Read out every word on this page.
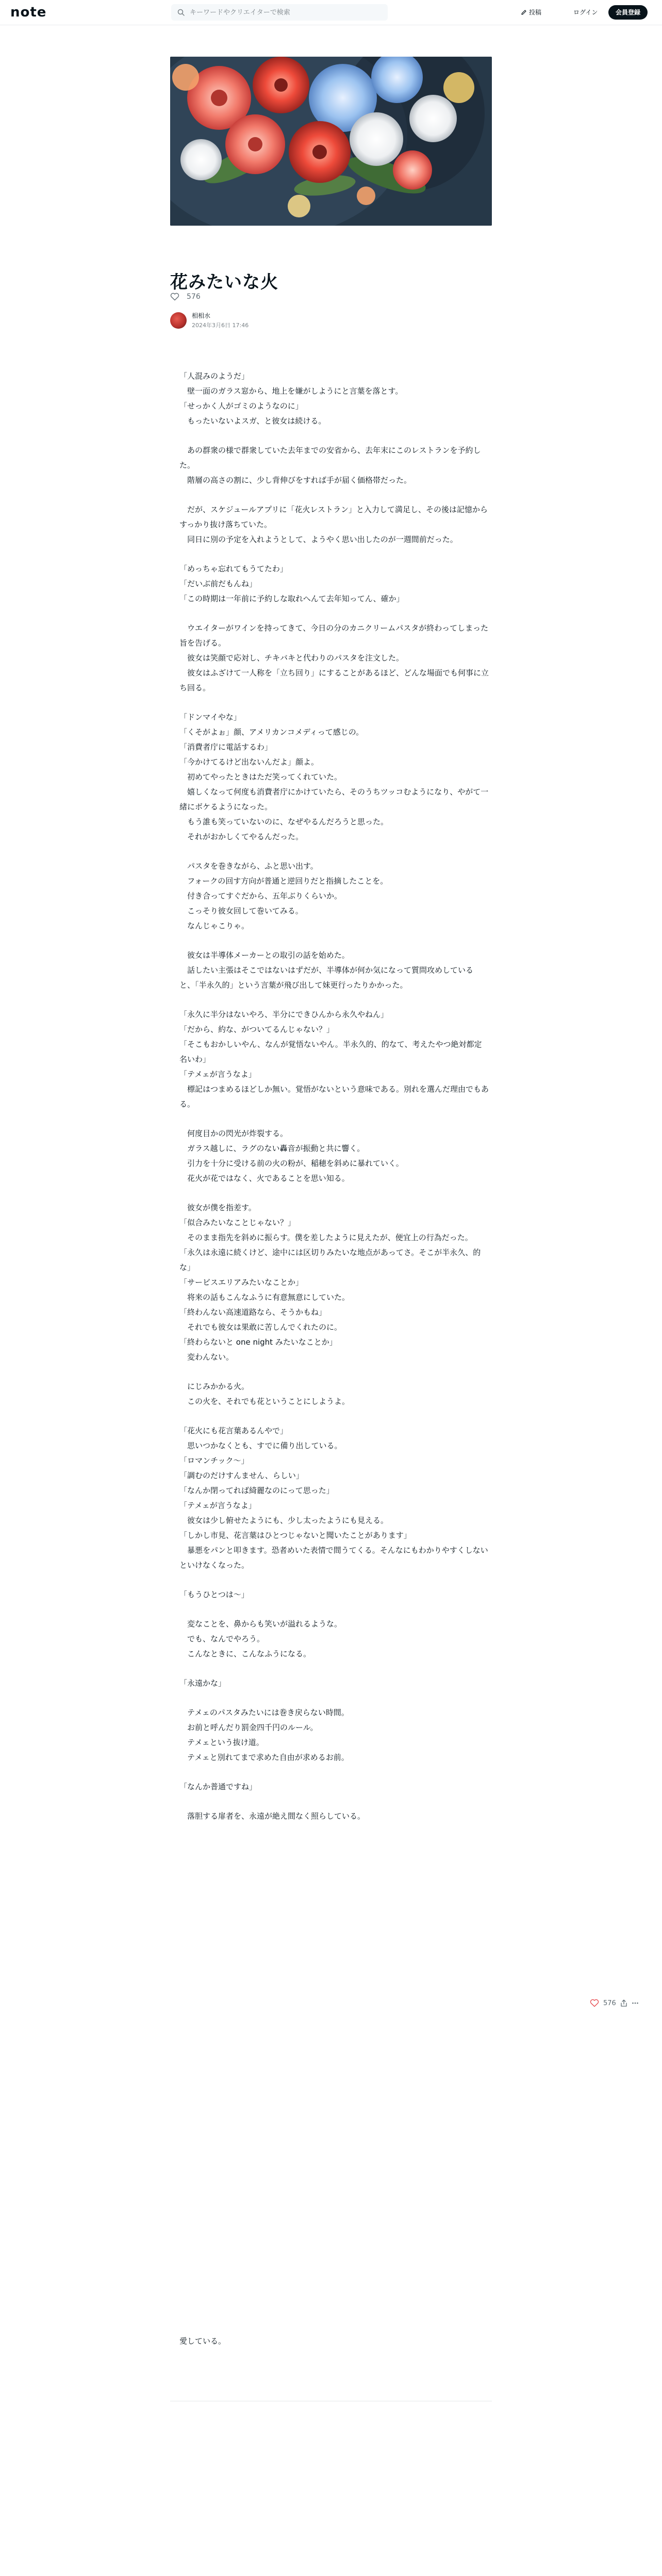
note
キーワードやクリエイターで検索	投稿	ログイン	会員登録
花みたいな火
576
相相水
2024年3月6日 17:46
「人混みのようだ」
　壁一面のガラス窓から、地上を嫌がしようにと言葉を落とす。
「せっかく人がゴミのようなのに」
　もったいないよスガ、と彼女は続ける。
　あの群衆の様で群衆していた去年までの安省から、去年末にこのレストランを予約した。
　階層の高さの割に、少し背伸びをすれば手が届く価格帯だった。
　だが、スケジュールアプリに「花火レストラン」と入力して満足し、その後は記憶からすっかり抜け落ちていた。
　同日に別の予定を入れようとして、ようやく思い出したのが一週間前だった。
「めっちゃ忘れてもうてたわ」
「だいぶ前だもんね」
「この時期は一年前に予約しな取れへんて去年知ってん、確か」
　ウエイターがワインを持ってきて、今日の分のカニクリームパスタが終わってしまった旨を告げる。
　彼女は笑顔で応対し、チキバキと代わりのパスタを注文した。
　彼女はふざけて一人称を「立ち回り」にすることがあるほど、どんな場面でも何事に立ち回る。
「ドンマイやな」
「くそがよぉ」顔、アメリカンコメディって感じの。
「消費者庁に電話するわ」
「今かけてるけど出ないんだよ」顔よ。
　初めてやったときはただ笑ってくれていた。
　嬉しくなって何度も消費者庁にかけていたら、そのうちツッコむようになり、やがて一緒にボケるようになった。
　もう誰も笑っていないのに、なぜやるんだろうと思った。
　それがおかしくてやるんだった。
　パスタを巻きながら、ふと思い出す。
　フォークの回す方向が普通と逆回りだと指摘したことを。
　付き合ってすぐだから、五年ぶりくらいか。
　こっそり彼女回して巻いてみる。
　なんじゃこりゃ。
　彼女は半導体メーカーとの取引の話を始めた。
　話したい主張はそこではないはずだが、半導体が何か気になって質問攻めしていると、「半永久的」という言葉が飛び出して妹更行ったりかかった。
「永久に半分はないやろ、半分にできひんから永久やねん」
「だから、約な、がついてるんじゃない？」
「そこもおかしいやん、なんが覚悟ないやん。半永久的、的なて、考えたやつ絶対都定名いわ」
「テメェが言うなよ」
　標記はつまめるほどしか無い。覚悟がないという意味である。別れを選んだ理由でもある。
　何度目かの閃光が炸裂する。
　ガラス越しに、ラグのない轟音が振動と共に響く。
　引力を十分に受ける前の火の粉が、稲穂を斜めに暴れていく。
　花火が花ではなく、火であることを思い知る。
　彼女が僕を指差す。
「似合みたいなことじゃない？」
　そのまま指先を斜めに振らす。僕を差したように見えたが、便宜上の行為だった。
「永久は永遠に続くけど、途中には区切りみたいな地点があってさ。そこが半永久、的な」
「サービスエリアみたいなことか」
　将来の話もこんなふうに有意無意にしていた。
「終わんない高速道路なら、そうかもね」
　それでも彼女は果敢に苦しんでくれたのに。
「終わらないと one night みたいなことか」
　変わんない。
　にじみかかる火。
　この火を、それでも花ということにしようよ。
「花火にも花言葉あるんやで」
　思いつかなくとも、すでに備り出している。
「ロマンチック～」
「調むのだけすんません、らしい」
「なんか閉ってれば綺麗なのにって思った」
「テメェが言うなよ」
　彼女は少し俯せたようにも、少し太ったようにも見える。
「しかし市見、花言葉はひとつじゃないと聞いたことがあります」
　暴悪をパンと叩きます。恐者めいた表情で間うてくる。そんなにもわかりやすくしないといけなくなった。
「もうひとつは～」
　変なことを、鼻からも笑いが溢れるような。
　でも、なんでやろう。
　こんなときに、こんなふうになる。
「永遠かな」
　テメェのパスタみたいには巻き戻らない時間。
　お前と呼んだり罰金四千円のルール。
　テメェという抜け道。
　テメェと別れてまで求めた自由が求めるお前。
「なんか普通ですね」
　落胆する扉者を、永遠が絶え間なく照らしている。
愛している。
576
